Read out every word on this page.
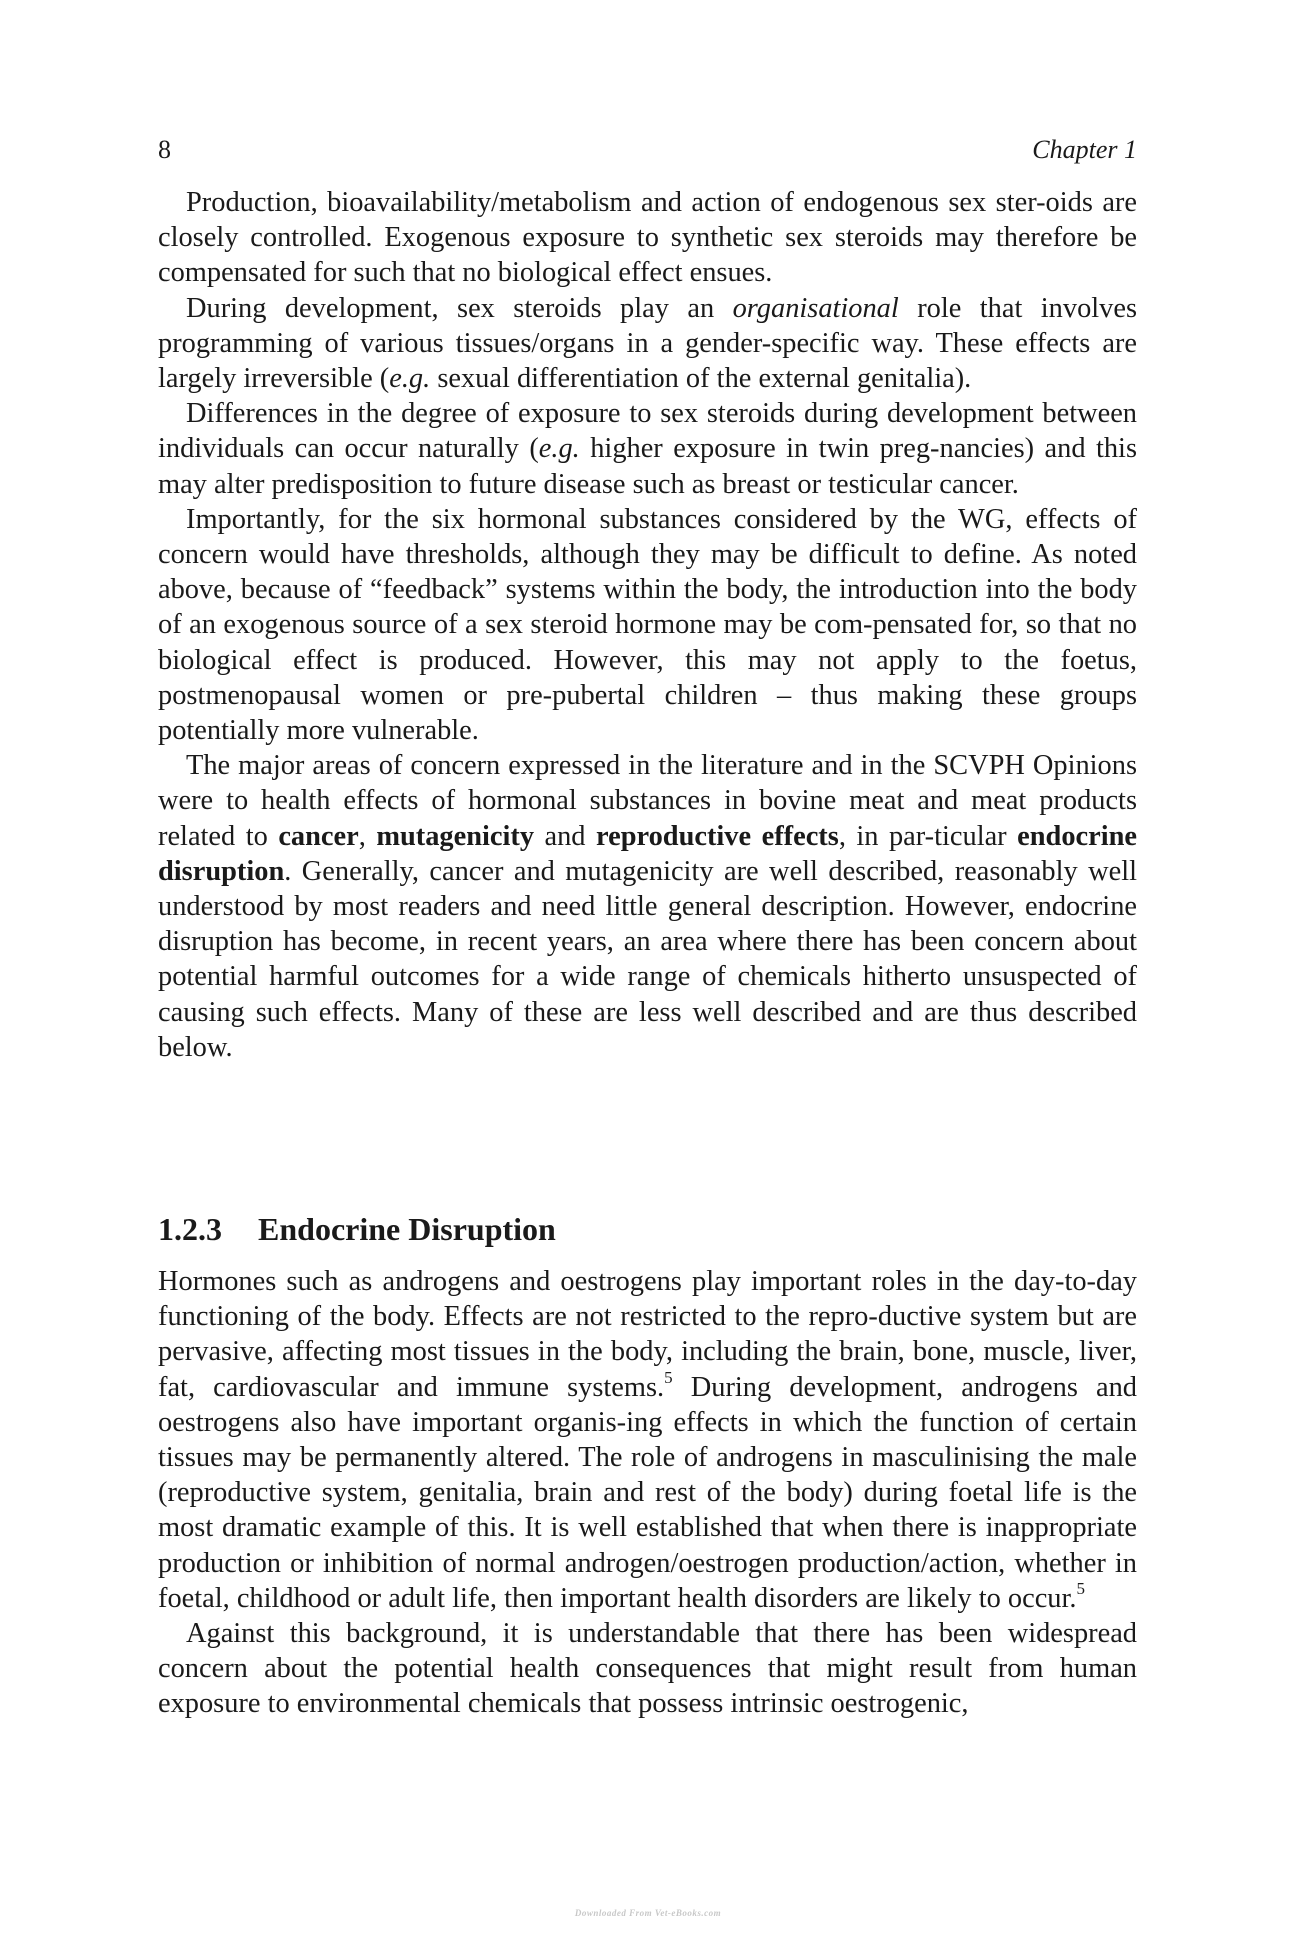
8	Chapter 1

Production, bioavailability/metabolism and action of endogenous sex ster-oids are closely controlled. Exogenous exposure to synthetic sex steroids may therefore be compensated for such that no biological effect ensues.

During development, sex steroids play an organisational role that involves programming of various tissues/organs in a gender-specific way. These effects are largely irreversible (e.g. sexual differentiation of the external genitalia).

Differences in the degree of exposure to sex steroids during development between individuals can occur naturally (e.g. higher exposure in twin preg-nancies) and this may alter predisposition to future disease such as breast or testicular cancer.

Importantly, for the six hormonal substances considered by the WG, effects of concern would have thresholds, although they may be difficult to define. As noted above, because of “feedback” systems within the body, the introduction into the body of an exogenous source of a sex steroid hormone may be com-pensated for, so that no biological effect is produced. However, this may not apply to the foetus, postmenopausal women or pre-pubertal children – thus making these groups potentially more vulnerable.

The major areas of concern expressed in the literature and in the SCVPH Opinions were to health effects of hormonal substances in bovine meat and meat products related to cancer, mutagenicity and reproductive effects, in par-ticular endocrine disruption. Generally, cancer and mutagenicity are well described, reasonably well understood by most readers and need little general description. However, endocrine disruption has become, in recent years, an area where there has been concern about potential harmful outcomes for a wide range of chemicals hitherto unsuspected of causing such effects. Many of these are less well described and are thus described below.

1.2.3 Endocrine Disruption

Hormones such as androgens and oestrogens play important roles in the day-to-day functioning of the body. Effects are not restricted to the repro-ductive system but are pervasive, affecting most tissues in the body, including the brain, bone, muscle, liver, fat, cardiovascular and immune systems.$^5$ During development, androgens and oestrogens also have important organis-ing effects in which the function of certain tissues may be permanently altered. The role of androgens in masculinising the male (reproductive system, genitalia, brain and rest of the body) during foetal life is the most dramatic example of this. It is well established that when there is inappropriate production or inhibition of normal androgen/oestrogen production/action, whether in foetal, childhood or adult life, then important health disorders are likely to occur.$^5$

Against this background, it is understandable that there has been widespread concern about the potential health consequences that might result from human exposure to environmental chemicals that possess intrinsic oestrogenic,

Downloaded From Vet-eBooks.com
